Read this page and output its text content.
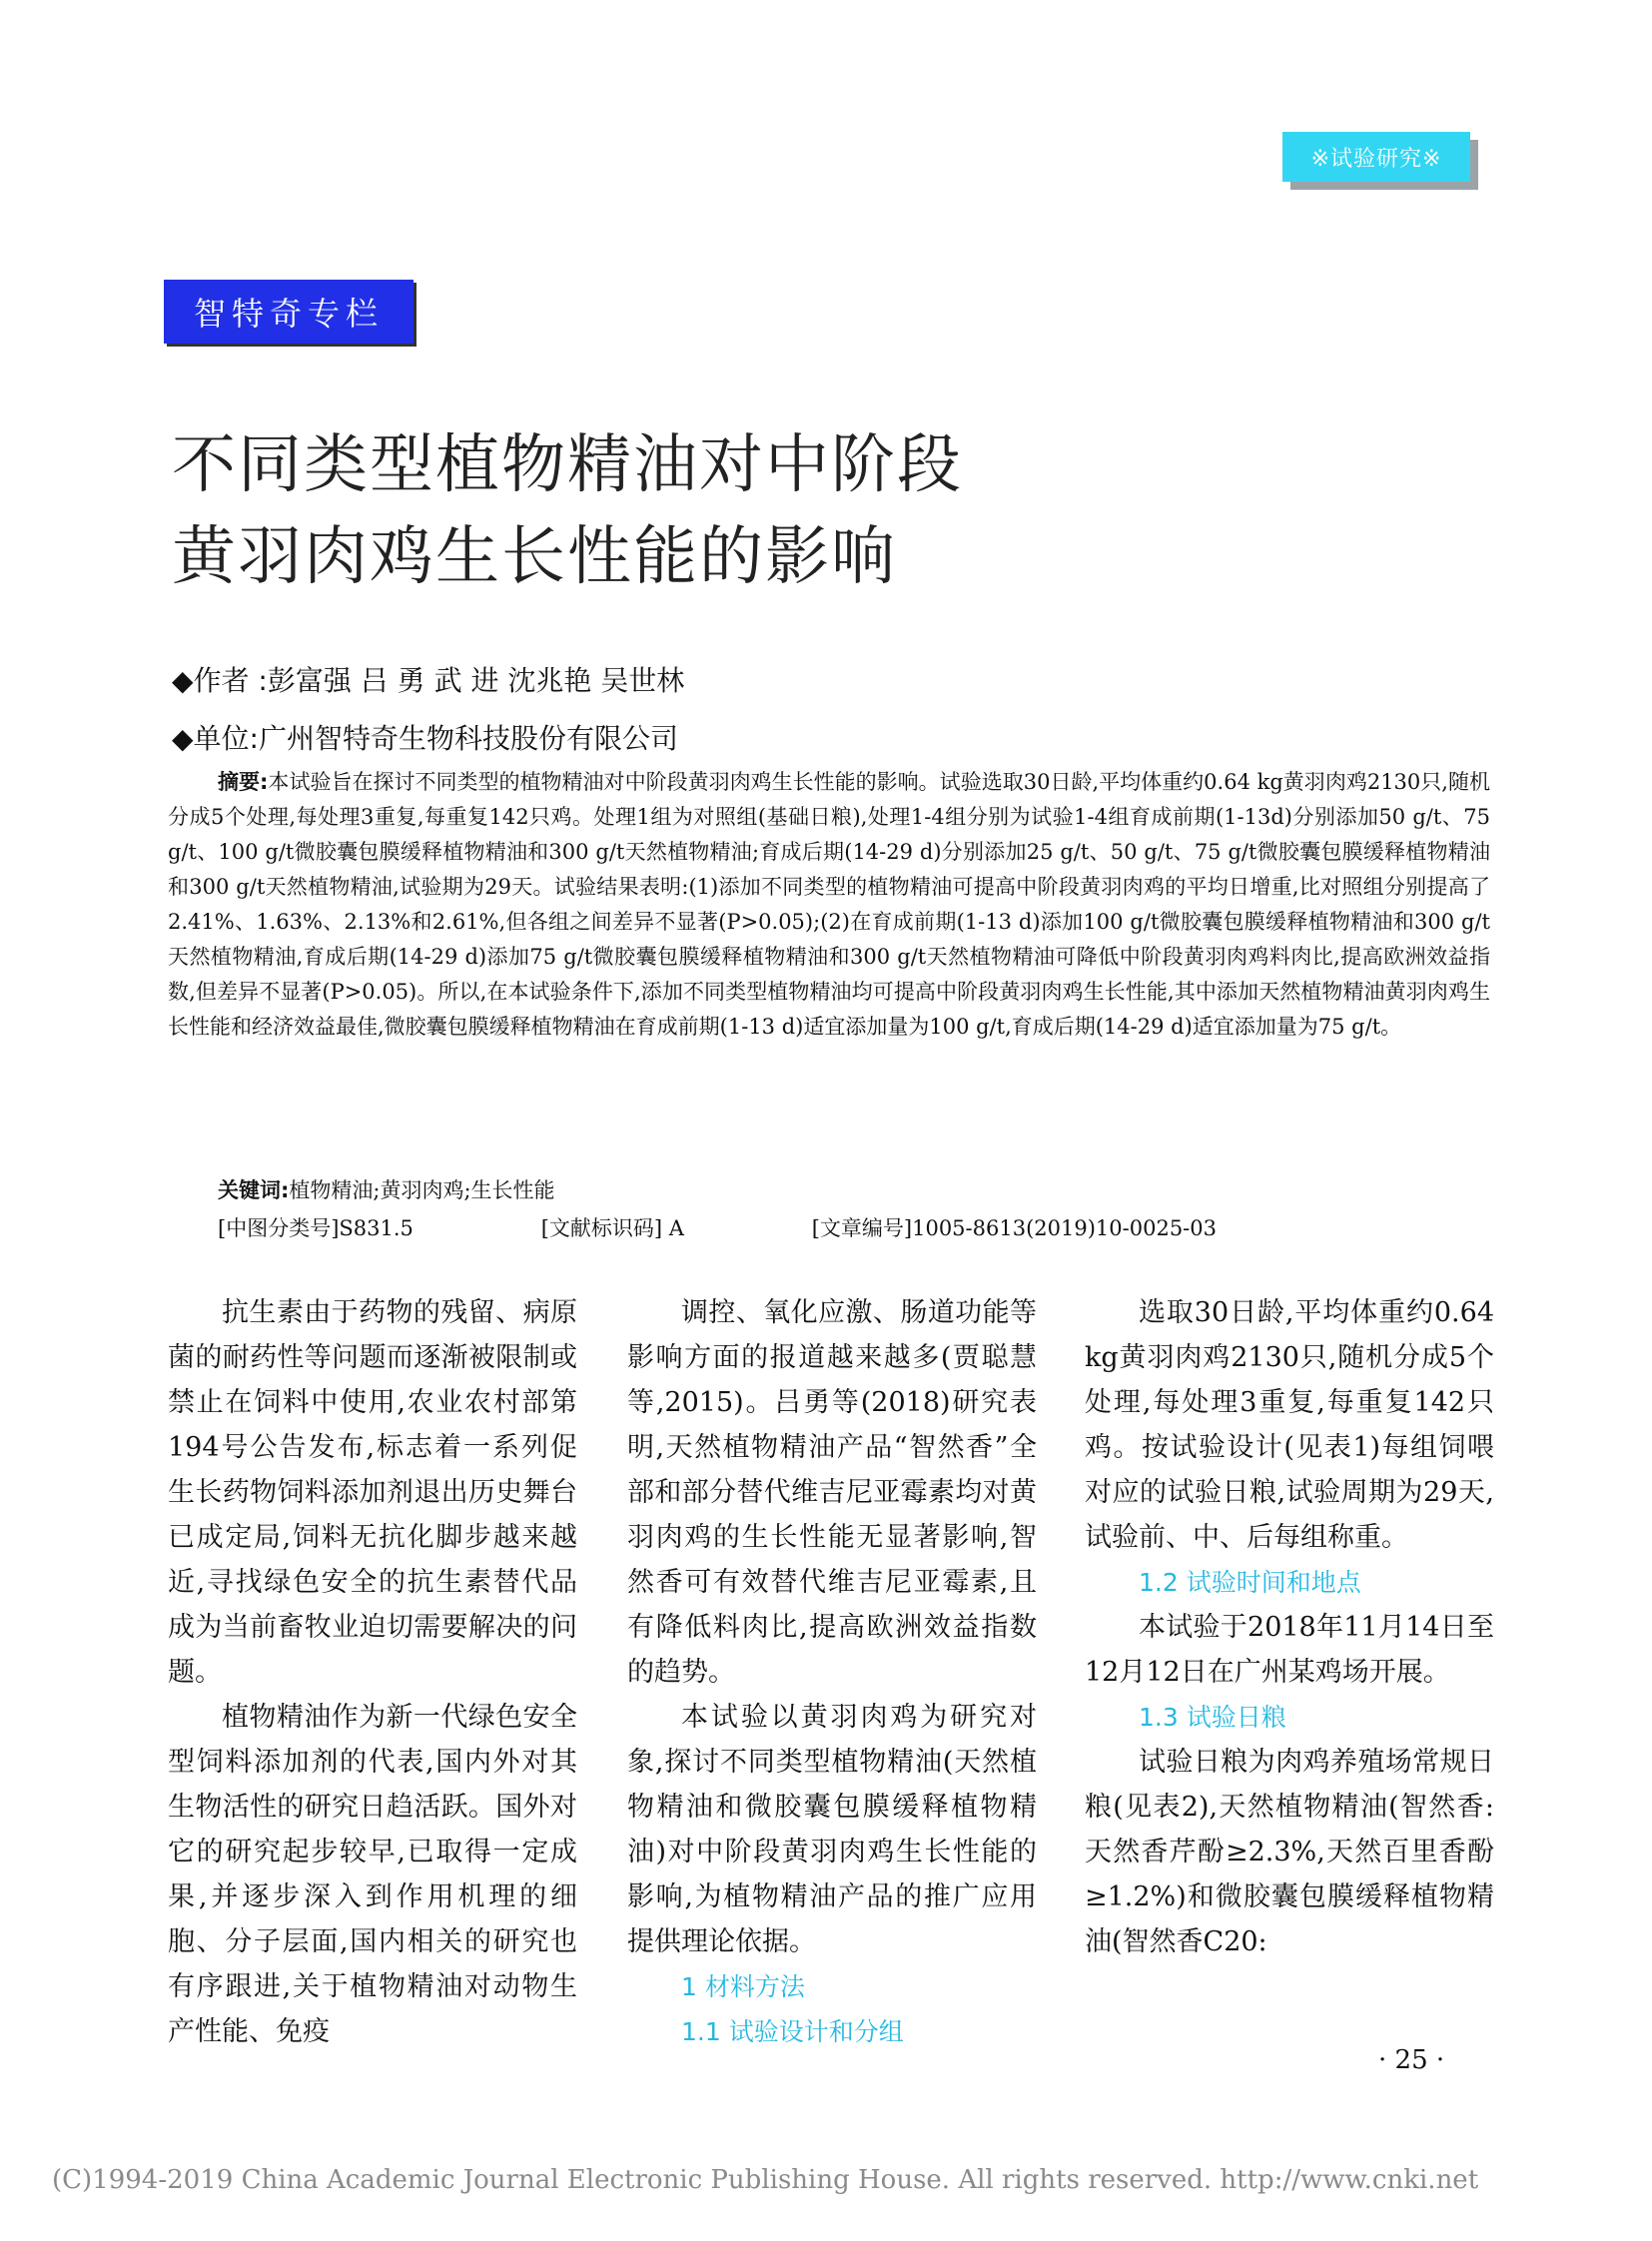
※试验研究※
智特奇专栏
不同类型植物精油对中阶段
黄羽肉鸡生长性能的影响
◆作者 :彭富强 吕 勇 武 进 沈兆艳 吴世林
◆单位:广州智特奇生物科技股份有限公司
摘要:本试验旨在探讨不同类型的植物精油对中阶段黄羽肉鸡生长性能的影响。试验选取30日龄,平均体重约0.64 kg黄羽肉鸡2130只,随机分成5个处理,每处理3重复,每重复142只鸡。处理1组为对照组(基础日粮),处理1-4组分别为试验1-4组育成前期(1-13d)分别添加50 g/t、75 g/t、100 g/t微胶囊包膜缓释植物精油和300 g/t天然植物精油;育成后期(14-29 d)分别添加25 g/t、50 g/t、75 g/t微胶囊包膜缓释植物精油和300 g/t天然植物精油,试验期为29天。试验结果表明:(1)添加不同类型的植物精油可提高中阶段黄羽肉鸡的平均日增重,比对照组分别提高了2.41%、1.63%、2.13%和2.61%,但各组之间差异不显著(P>0.05);(2)在育成前期(1-13 d)添加100 g/t微胶囊包膜缓释植物精油和300 g/t天然植物精油,育成后期(14-29 d)添加75 g/t微胶囊包膜缓释植物精油和300 g/t天然植物精油可降低中阶段黄羽肉鸡料肉比,提高欧洲效益指数,但差异不显著(P>0.05)。所以,在本试验条件下,添加不同类型植物精油均可提高中阶段黄羽肉鸡生长性能,其中添加天然植物精油黄羽肉鸡生长性能和经济效益最佳,微胶囊包膜缓释植物精油在育成前期(1-13 d)适宜添加量为100 g/t,育成后期(14-29 d)适宜添加量为75 g/t。
关键词:植物精油;黄羽肉鸡;生长性能
[中图分类号]S831.5	[文献标识码] A	[文章编号]1005-8613(2019)10-0025-03

抗生素由于药物的残留、病原菌的耐药性等问题而逐渐被限制或禁止在饲料中使用,农业农村部第194号公告发布,标志着一系列促生长药物饲料添加剂退出历史舞台已成定局,饲料无抗化脚步越来越近,寻找绿色安全的抗生素替代品成为当前畜牧业迫切需要解决的问题。

植物精油作为新一代绿色安全型饲料添加剂的代表,国内外对其生物活性的研究日趋活跃。国外对它的研究起步较早,已取得一定成果,并逐步深入到作用机理的细胞、分子层面,国内相关的研究也有序跟进,关于植物精油对动物生产性能、免疫

调控、氧化应激、肠道功能等影响方面的报道越来越多(贾聪慧等,2015)。吕勇等(2018)研究表明,天然植物精油产品“智然香”全部和部分替代维吉尼亚霉素均对黄羽肉鸡的生长性能无显著影响,智然香可有效替代维吉尼亚霉素,且有降低料肉比,提高欧洲效益指数的趋势。

本试验以黄羽肉鸡为研究对象,探讨不同类型植物精油(天然植物精油和微胶囊包膜缓释植物精油)对中阶段黄羽肉鸡生长性能的影响,为植物精油产品的推广应用提供理论依据。

1 材料方法

1.1 试验设计和分组

选取30日龄,平均体重约0.64 kg黄羽肉鸡2130只,随机分成5个处理,每处理3重复,每重复142只鸡。按试验设计(见表1)每组饲喂对应的试验日粮,试验周期为29天,试验前、中、后每组称重。

1.2 试验时间和地点

本试验于2018年11月14日至12月12日在广州某鸡场开展。

1.3 试验日粮

试验日粮为肉鸡养殖场常规日粮(见表2),天然植物精油(智然香:天然香芹酚≥2.3%,天然百里香酚≥1.2%)和微胶囊包膜缓释植物精油(智然香C20:

· 25 ·
(C)1994-2019 China Academic Journal Electronic Publishing House. All rights reserved. http://www.cnki.net
